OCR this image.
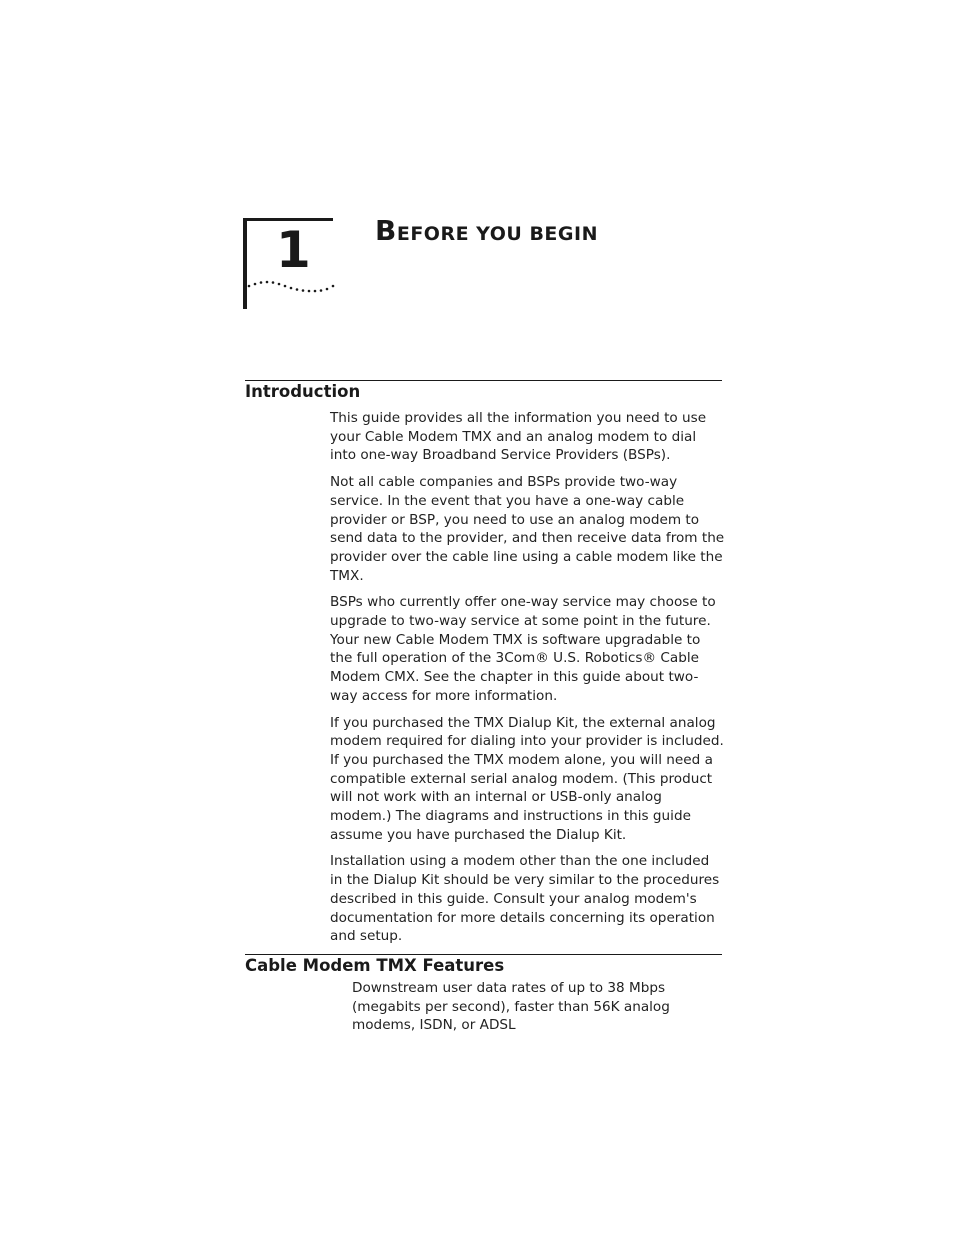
1	BEFORE YOU BEGIN
Introduction

This guide provides all the information you need to use your Cable Modem TMX and an analog modem to dial into one-way Broadband Service Providers (BSPs).

Not all cable companies and BSPs provide two-way service. In the event that you have a one-way cable provider or BSP, you need to use an analog modem to send data to the provider, and then receive data from the provider over the cable line using a cable modem like the TMX.

BSPs who currently offer one-way service may choose to upgrade to two-way service at some point in the future. Your new Cable Modem TMX is software upgradable to the full operation of the 3Com® U.S. Robotics® Cable Modem CMX. See the chapter in this guide about two-way access for more information.

If you purchased the TMX Dialup Kit, the external analog modem required for dialing into your provider is included. If you purchased the TMX modem alone, you will need a compatible external serial analog modem. (This product will not work with an internal or USB-only analog modem.) The diagrams and instructions in this guide assume you have purchased the Dialup Kit.

Installation using a modem other than the one included in the Dialup Kit should be very similar to the procedures described in this guide. Consult your analog modem's documentation for more details concerning its operation and setup.

Cable Modem TMX Features

Downstream user data rates of up to 38 Mbps (megabits per second), faster than 56K analog modems, ISDN, or ADSL
